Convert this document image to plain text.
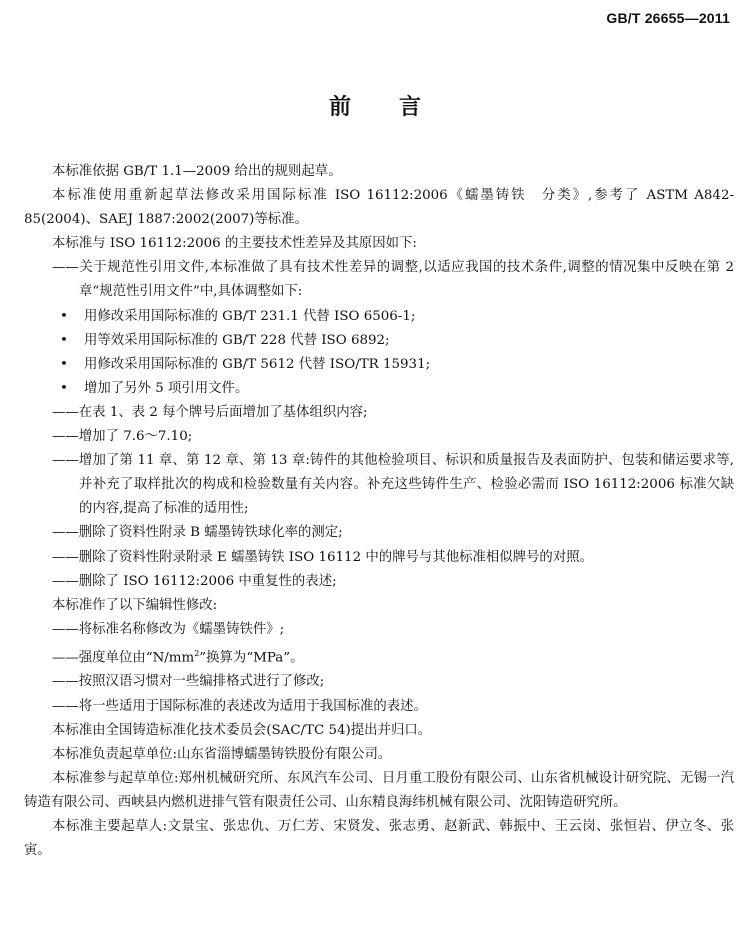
GB/T 26655—2011
前 言

本标准依据 GB/T 1.1—2009 给出的规则起草。

本标准使用重新起草法修改采用国际标准 ISO 16112:2006《蠕墨铸铁　分类》,参考了 ASTM A842-85(2004)、SAEJ 1887:2002(2007)等标准。

本标准与 ISO 16112:2006 的主要技术性差异及其原因如下:

——关于规范性引用文件,本标准做了具有技术性差异的调整,以适应我国的技术条件,调整的情况集中反映在第 2 章“规范性引用文件”中,具体调整如下:

• 用修改采用国际标准的 GB/T 231.1 代替 ISO 6506-1;
• 用等效采用国际标准的 GB/T 228 代替 ISO 6892;
• 用修改采用国际标准的 GB/T 5612 代替 ISO/TR 15931;
• 增加了另外 5 项引用文件。

——在表 1、表 2 每个牌号后面增加了基体组织内容;

——增加了 7.6～7.10;

——增加了第 11 章、第 12 章、第 13 章:铸件的其他检验项目、标识和质量报告及表面防护、包装和储运要求等,并补充了取样批次的构成和检验数量有关内容。补充这些铸件生产、检验必需而 ISO 16112:2006 标准欠缺的内容,提高了标准的适用性;

——删除了资料性附录 B 蠕墨铸铁球化率的测定;

——删除了资料性附录附录 E 蠕墨铸铁 ISO 16112 中的牌号与其他标准相似牌号的对照。

——删除了 ISO 16112:2006 中重复性的表述;

本标准作了以下编辑性修改:

——将标准名称修改为《蠕墨铸铁件》;

——强度单位由“$N/mm^2$”换算为“MPa”。

——按照汉语习惯对一些编排格式进行了修改;

——将一些适用于国际标准的表述改为适用于我国标准的表述。

本标准由全国铸造标准化技术委员会(SAC/TC 54)提出并归口。

本标准负责起草单位:山东省淄博蠕墨铸铁股份有限公司。

本标准参与起草单位:郑州机械研究所、东风汽车公司、日月重工股份有限公司、山东省机械设计研究院、无锡一汽铸造有限公司、西峡县内燃机进排气管有限责任公司、山东精良海纬机械有限公司、沈阳铸造研究所。

本标准主要起草人:文景宝、张忠仇、万仁芳、宋贤发、张志勇、赵新武、韩振中、王云岗、张恒岩、伊立冬、张寅。
